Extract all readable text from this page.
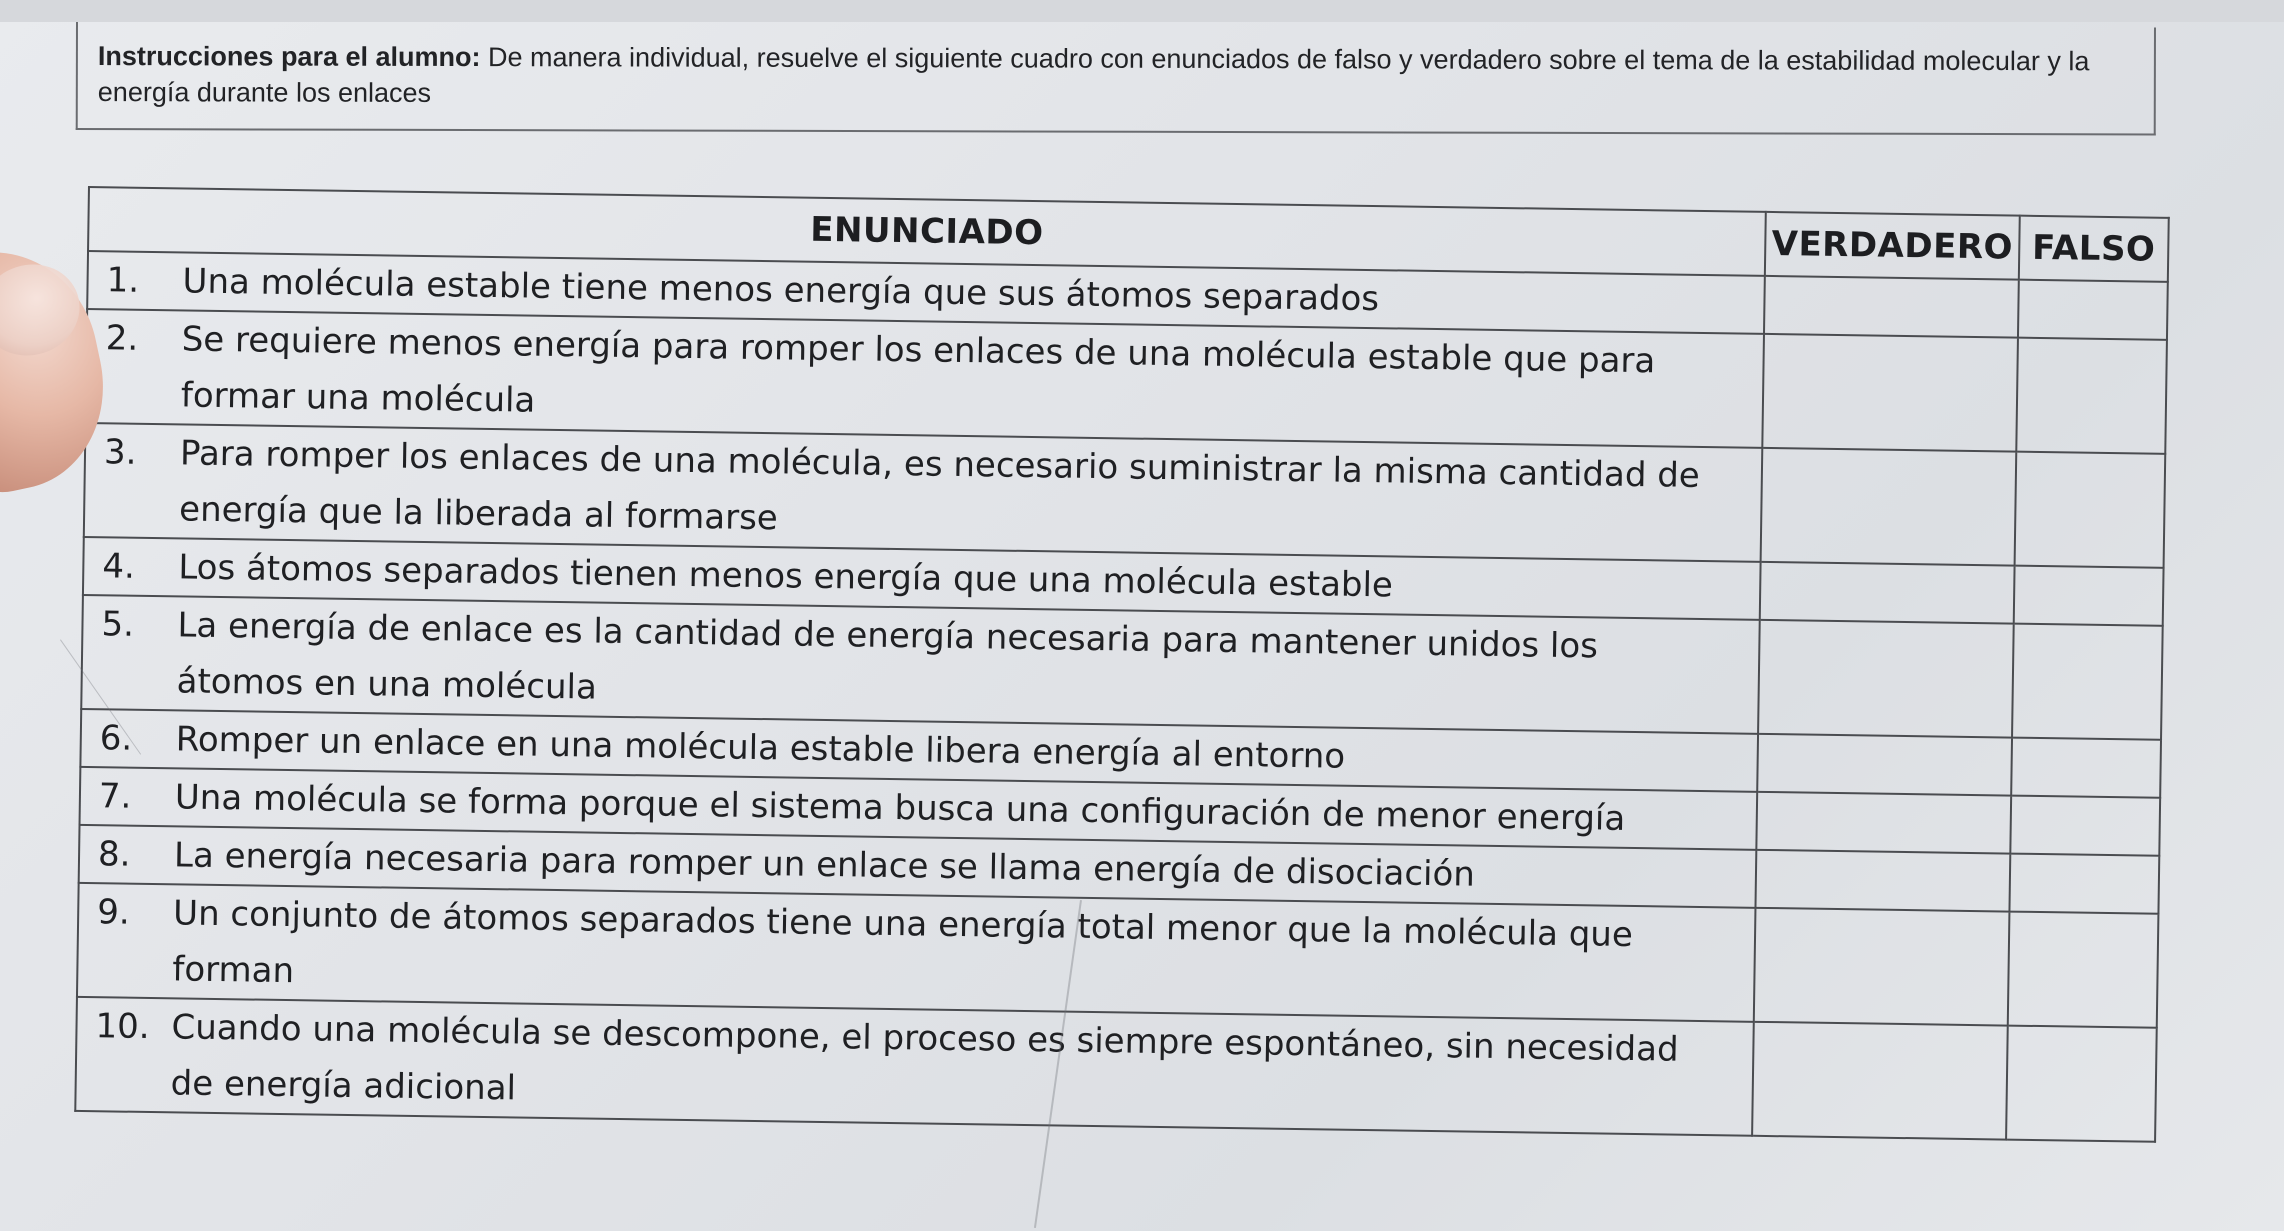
Instrucciones para el alumno: De manera individual, resuelve el siguiente cuadro con enunciados de falso y verdadero sobre el tema de la estabilidad molecular y la energía durante los enlaces
ENUNCIADO	VERDADERO	FALSO

1. Una molécula estable tiene menos energía que sus átomos separados		

2. Se requiere menos energía para romper los enlaces de una molécula estable que para
formar una molécula		

3. Para romper los enlaces de una molécula, es necesario suministrar la misma cantidad de
energía que la liberada al formarse		

4. Los átomos separados tienen menos energía que una molécula estable		

5. La energía de enlace es la cantidad de energía necesaria para mantener unidos los
átomos en una molécula		

6. Romper un enlace en una molécula estable libera energía al entorno		

7. Una molécula se forma porque el sistema busca una configuración de menor energía		

8. La energía necesaria para romper un enlace se llama energía de disociación		

9. Un conjunto de átomos separados tiene una energía total menor que la molécula que
forman		

10. Cuando una molécula se descompone, el proceso es siempre espontáneo, sin necesidad
de energía adicional		
